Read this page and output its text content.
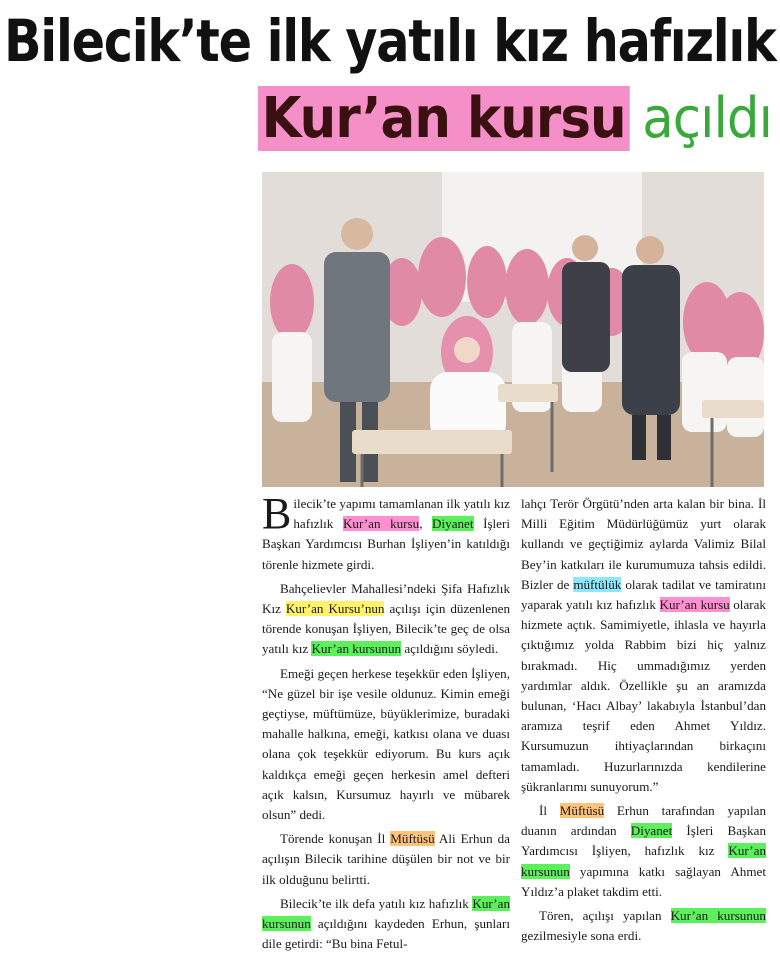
Bilecik’te ilk yatılı kız hafızlık
Kur’an kursu açıldı

Bilecik’te yapımı tamamlanan ilk yatılı kız hafızlık Kur’an kursu, Diyanet İşleri Başkan Yardımcısı Burhan İşliyen’in katıldığı törenle hizmete girdi.

Bahçelievler Mahallesi’ndeki Şifa Hafızlık Kız Kur’an Kursu’nun açılışı için düzenlenen törende konuşan İşliyen, Bilecik’te geç de olsa yatılı kız Kur’an kursunun açıldığını söyledi.

Emeği geçen herkese teşekkür eden İşliyen, “Ne güzel bir işe vesile oldunuz. Kimin emeği geçtiyse, müftümüze, büyüklerimize, buradaki mahalle halkına, emeği, katkısı olana ve duası olana çok teşekkür ediyorum. Bu kurs açık kaldıkça emeği geçen herkesin amel defteri açık kalsın, Kursumuz hayırlı ve mübarek olsun” dedi.

Törende konuşan İl Müftüsü Ali Erhun da açılışın Bilecik tarihine düşülen bir not ve bir ilk olduğunu belirtti.

Bilecik’te ilk defa yatılı kız hafızlık Kur’an kursunun açıldığını kaydeden Erhun, şunları dile getirdi: “Bu bina Fetul-

lahçı Terör Örgütü’nden arta kalan bir bina. İl Milli Eğitim Müdürlüğümüz yurt olarak kullandı ve geçtiğimiz aylarda Valimiz Bilal Bey’in katkıları ile kurumumuza tahsis edildi. Bizler de müftülük olarak tadilat ve tamiratını yaparak yatılı kız hafızlık Kur’an kursu olarak hizmete açtık. Samimiyetle, ihlasla ve hayırla çıktığımız yolda Rabbim bizi hiç yalnız bırakmadı. Hiç ummadığımız yerden yardımlar aldık. Özellikle şu an aramızda bulunan, ‘Hacı Albay’ lakabıyla İstanbul’dan aramıza teşrif eden Ahmet Yıldız. Kursumuzun ihtiyaçlarından birkaçını tamamladı. Huzurlarınızda kendilerine şükranlarımı sunuyorum.”

İl Müftüsü Erhun tarafından yapılan duanın ardından Diyanet İşleri Başkan Yardımcısı İşliyen, hafızlık kız Kur’an kursunun yapımına katkı sağlayan Ahmet Yıldız’a plaket takdim etti.

Tören, açılışı yapılan Kur’an kursunun gezilmesiyle sona erdi.
